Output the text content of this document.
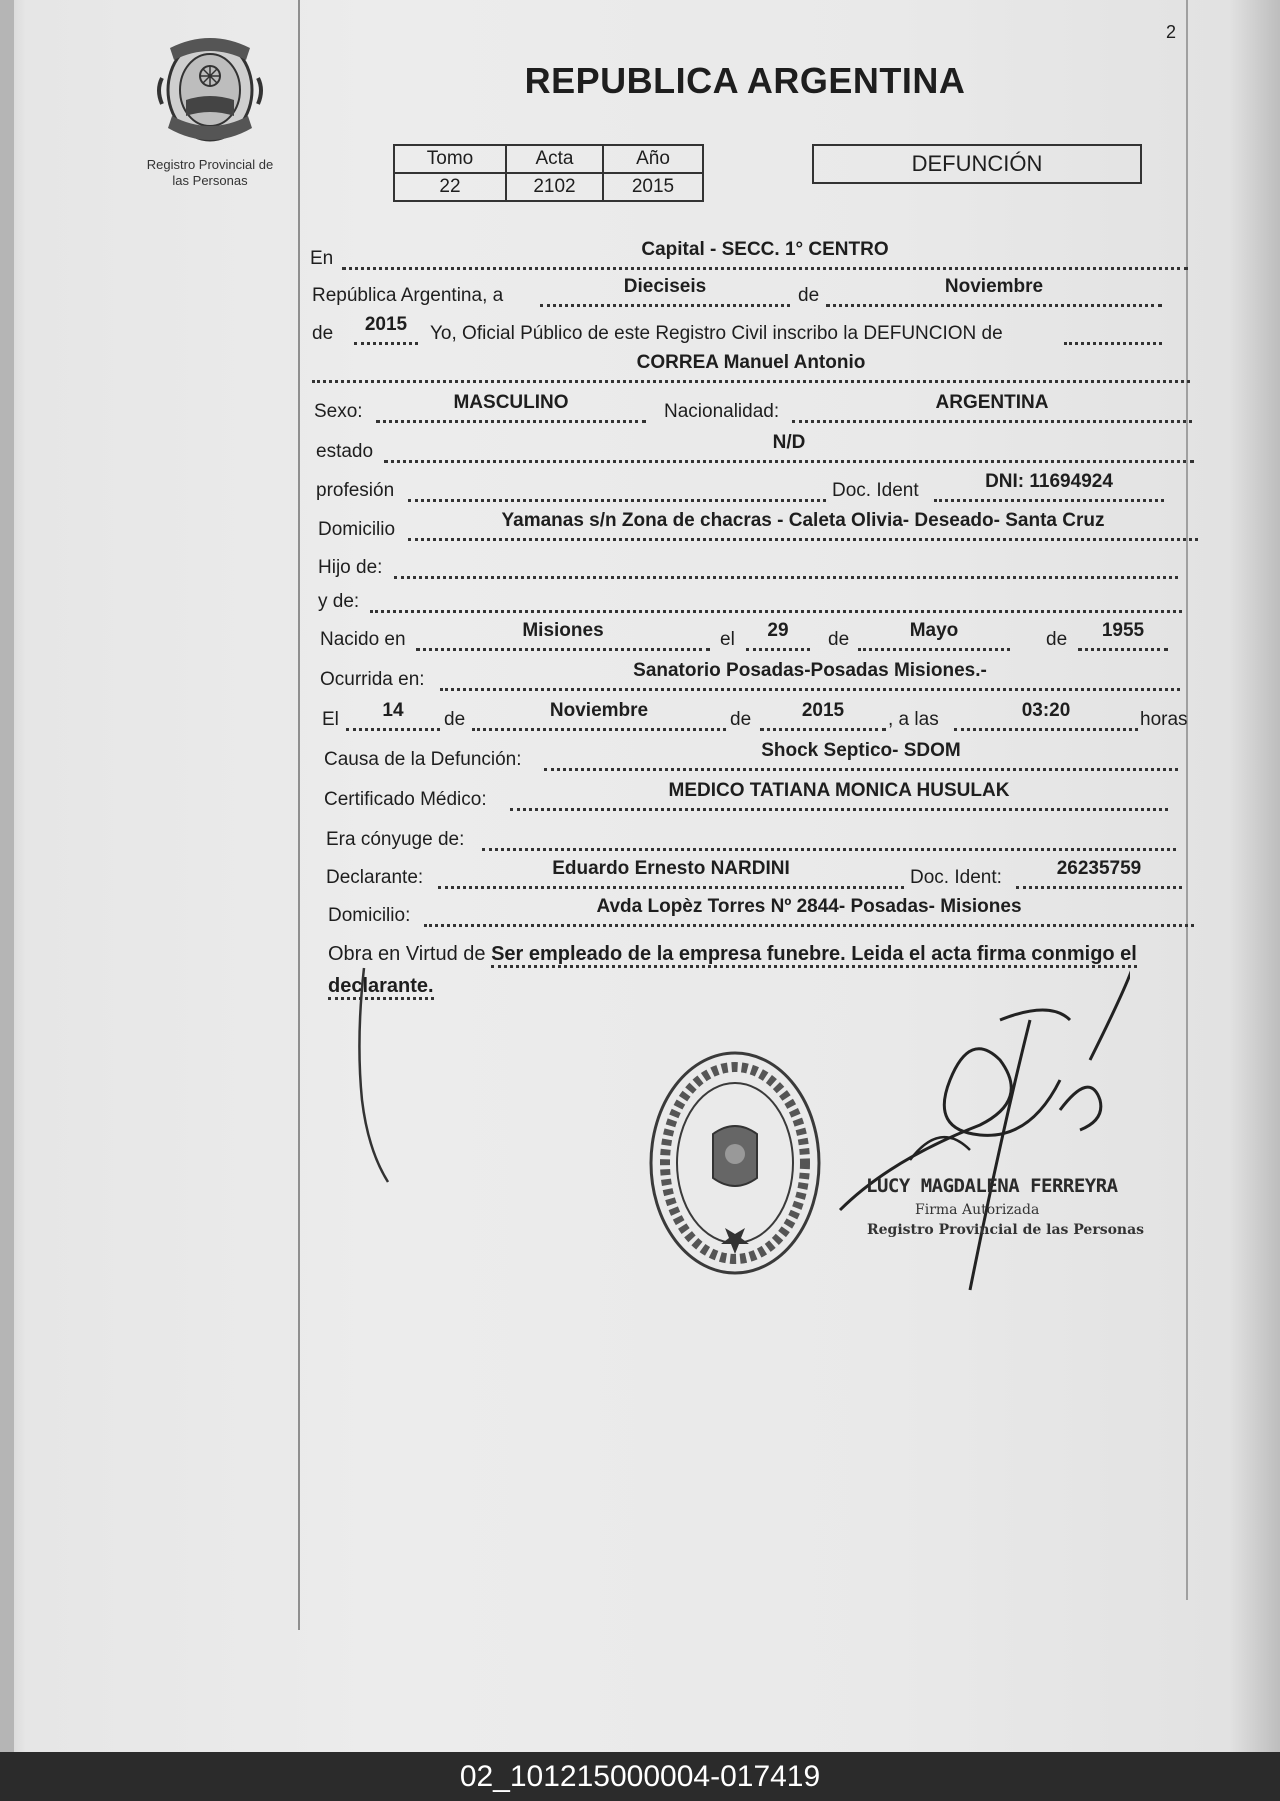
2
Registro Provincial de
las Personas
REPUBLICA ARGENTINA
Tomo	Acta	Año
22	2102	2015
DEFUNCIÓN
En	Capital - SECC. 1° CENTRO
República Argentina, a	Dieciseis	de	Noviembre
de	2015	Yo, Oficial Público de este Registro Civil inscribo la DEFUNCION de
CORREA Manuel Antonio
Sexo:	MASCULINO	Nacionalidad:	ARGENTINA
estado	N/D
profesión	Doc. Ident	DNI: 11694924
Domicilio	Yamanas s/n Zona de chacras - Caleta Olivia- Deseado- Santa Cruz
Hijo de:
y de:
Nacido en	Misiones	el	29	de	Mayo	de	1955
Ocurrida en:	Sanatorio Posadas-Posadas Misiones.-
El	14	de	Noviembre	de	2015	, a las	03:20	horas
Causa de la Defunción:	Shock Septico- SDOM
Certificado Médico:	MEDICO TATIANA MONICA HUSULAK
Era cónyuge de:
Declarante:	Eduardo Ernesto NARDINI	Doc. Ident:	26235759
Domicilio:	Avda Lopèz Torres Nº 2844- Posadas- Misiones
Obra en Virtud de Ser empleado de la empresa funebre. Leida el acta firma conmigo el
declarante.
LUCY MAGDALENA FERREYRA
Firma Autorizada
Registro Provincial de las Personas
02_101215000004-017419
